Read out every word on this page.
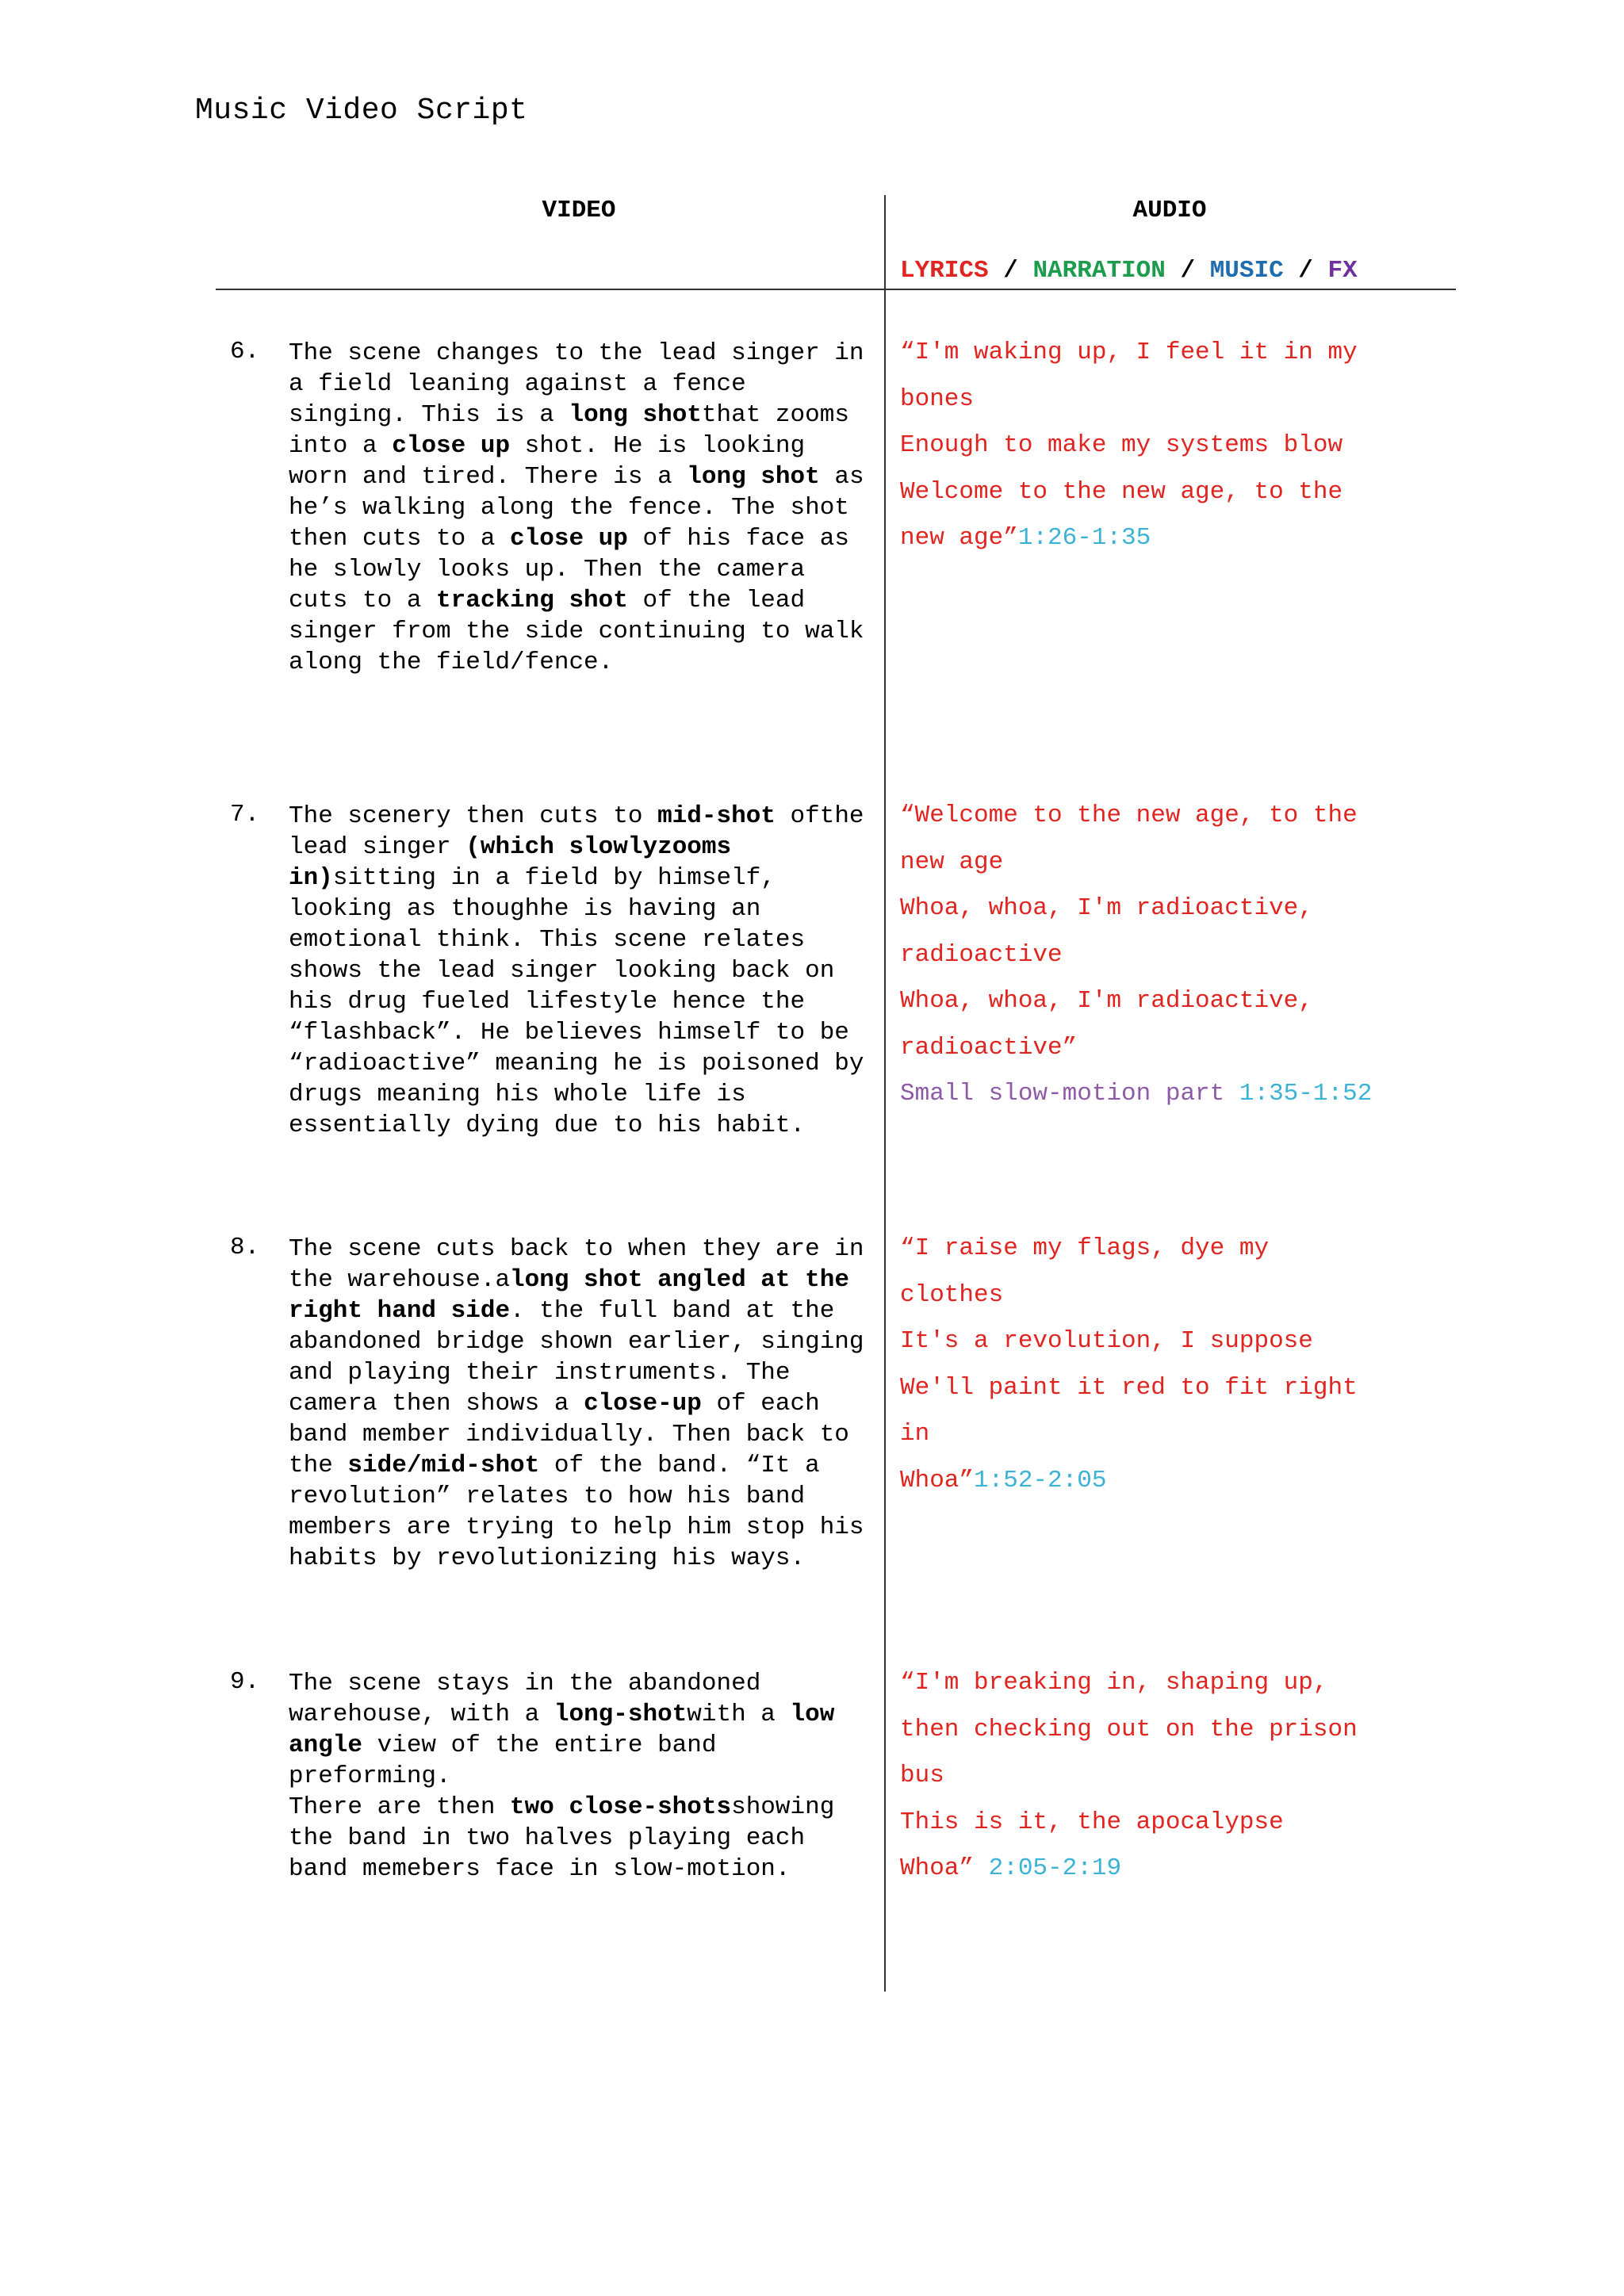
Music Video Script
VIDEO	AUDIO
LYRICS / NARRATION / MUSIC / FX
6. The scene changes to the lead singer in a field leaning against a fence singing. This is a long shotthat zooms into a close up shot. He is looking worn and tired. There is a long shot as he’s walking along the fence. The shot then cuts to a close up of his face as he slowly looks up. Then the camera cuts to a tracking shot of the lead singer from the side continuing to walk along the field/fence.
“I'm waking up, I feel it in my
bones
Enough to make my systems blow
Welcome to the new age, to the
new age”1:26-1:35
7. The scenery then cuts to mid-shot ofthe lead singer (which slowlyzooms in)sitting in a field by himself, looking as thoughhe is having an emotional think. This scene relates shows the lead singer looking back on his drug fueled lifestyle hence the “flashback”. He believes himself to be “radioactive” meaning he is poisoned by drugs meaning his whole life is essentially dying due to his habit.
“Welcome to the new age, to the
new age
Whoa, whoa, I'm radioactive,
radioactive
Whoa, whoa, I'm radioactive,
radioactive”
Small slow-motion part 1:35-1:52
8. The scene cuts back to when they are in the warehouse.along shot angled at the right hand side. the full band at the abandoned bridge shown earlier, singing and playing their instruments. The camera then shows a close-up of each band member individually. Then back to the side/mid-shot of the band. “It a revolution” relates to how his band members are trying to help him stop his habits by revolutionizing his ways.
“I raise my flags, dye my
clothes
It's a revolution, I suppose
We'll paint it red to fit right
in
Whoa”1:52-2:05
9. The scene stays in the abandoned warehouse, with a long-shotwith a low angle view of the entire band preforming.
There are then two close-shotsshowing the band in two halves playing each band memebers face in slow-motion.
“I'm breaking in, shaping up,
then checking out on the prison
bus
This is it, the apocalypse
Whoa” 2:05-2:19
